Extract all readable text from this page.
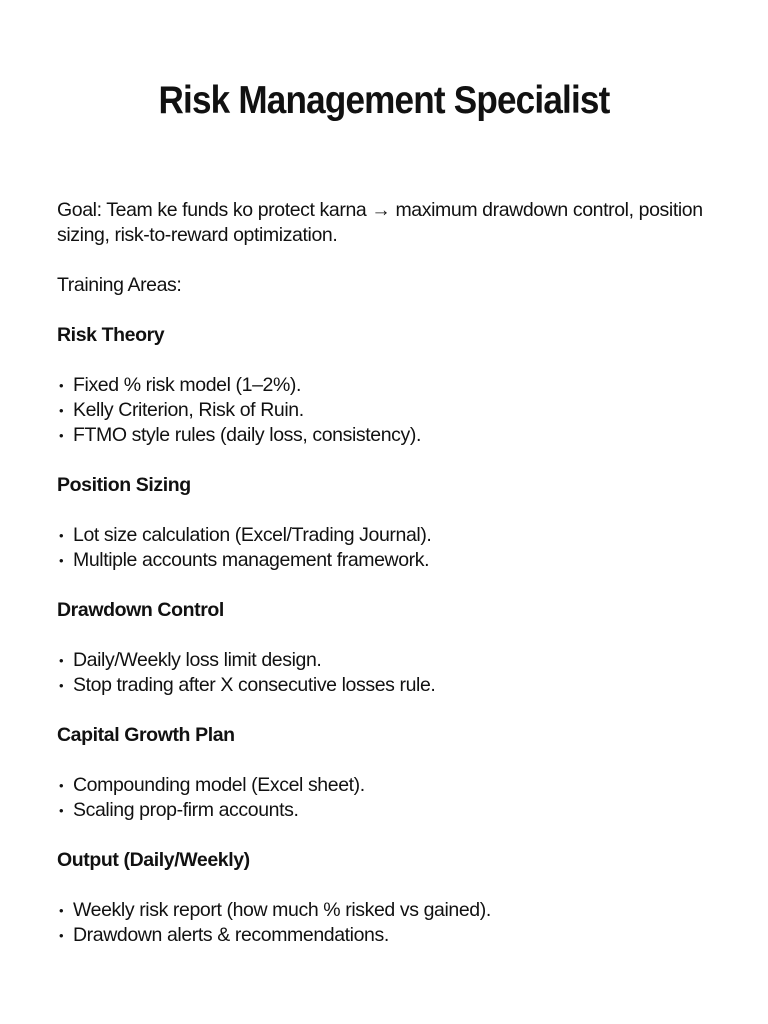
Risk Management Specialist

Goal: Team ke funds ko protect karna → maximum drawdown control, position sizing, risk-to-reward optimization.

Training Areas:

Risk Theory

• Fixed % risk model (1–2%).
• Kelly Criterion, Risk of Ruin.
• FTMO style rules (daily loss, consistency).

Position Sizing

• Lot size calculation (Excel/Trading Journal).
• Multiple accounts management framework.

Drawdown Control

• Daily/Weekly loss limit design.
• Stop trading after X consecutive losses rule.

Capital Growth Plan

• Compounding model (Excel sheet).
• Scaling prop-firm accounts.

Output (Daily/Weekly)

• Weekly risk report (how much % risked vs gained).
• Drawdown alerts & recommendations.
